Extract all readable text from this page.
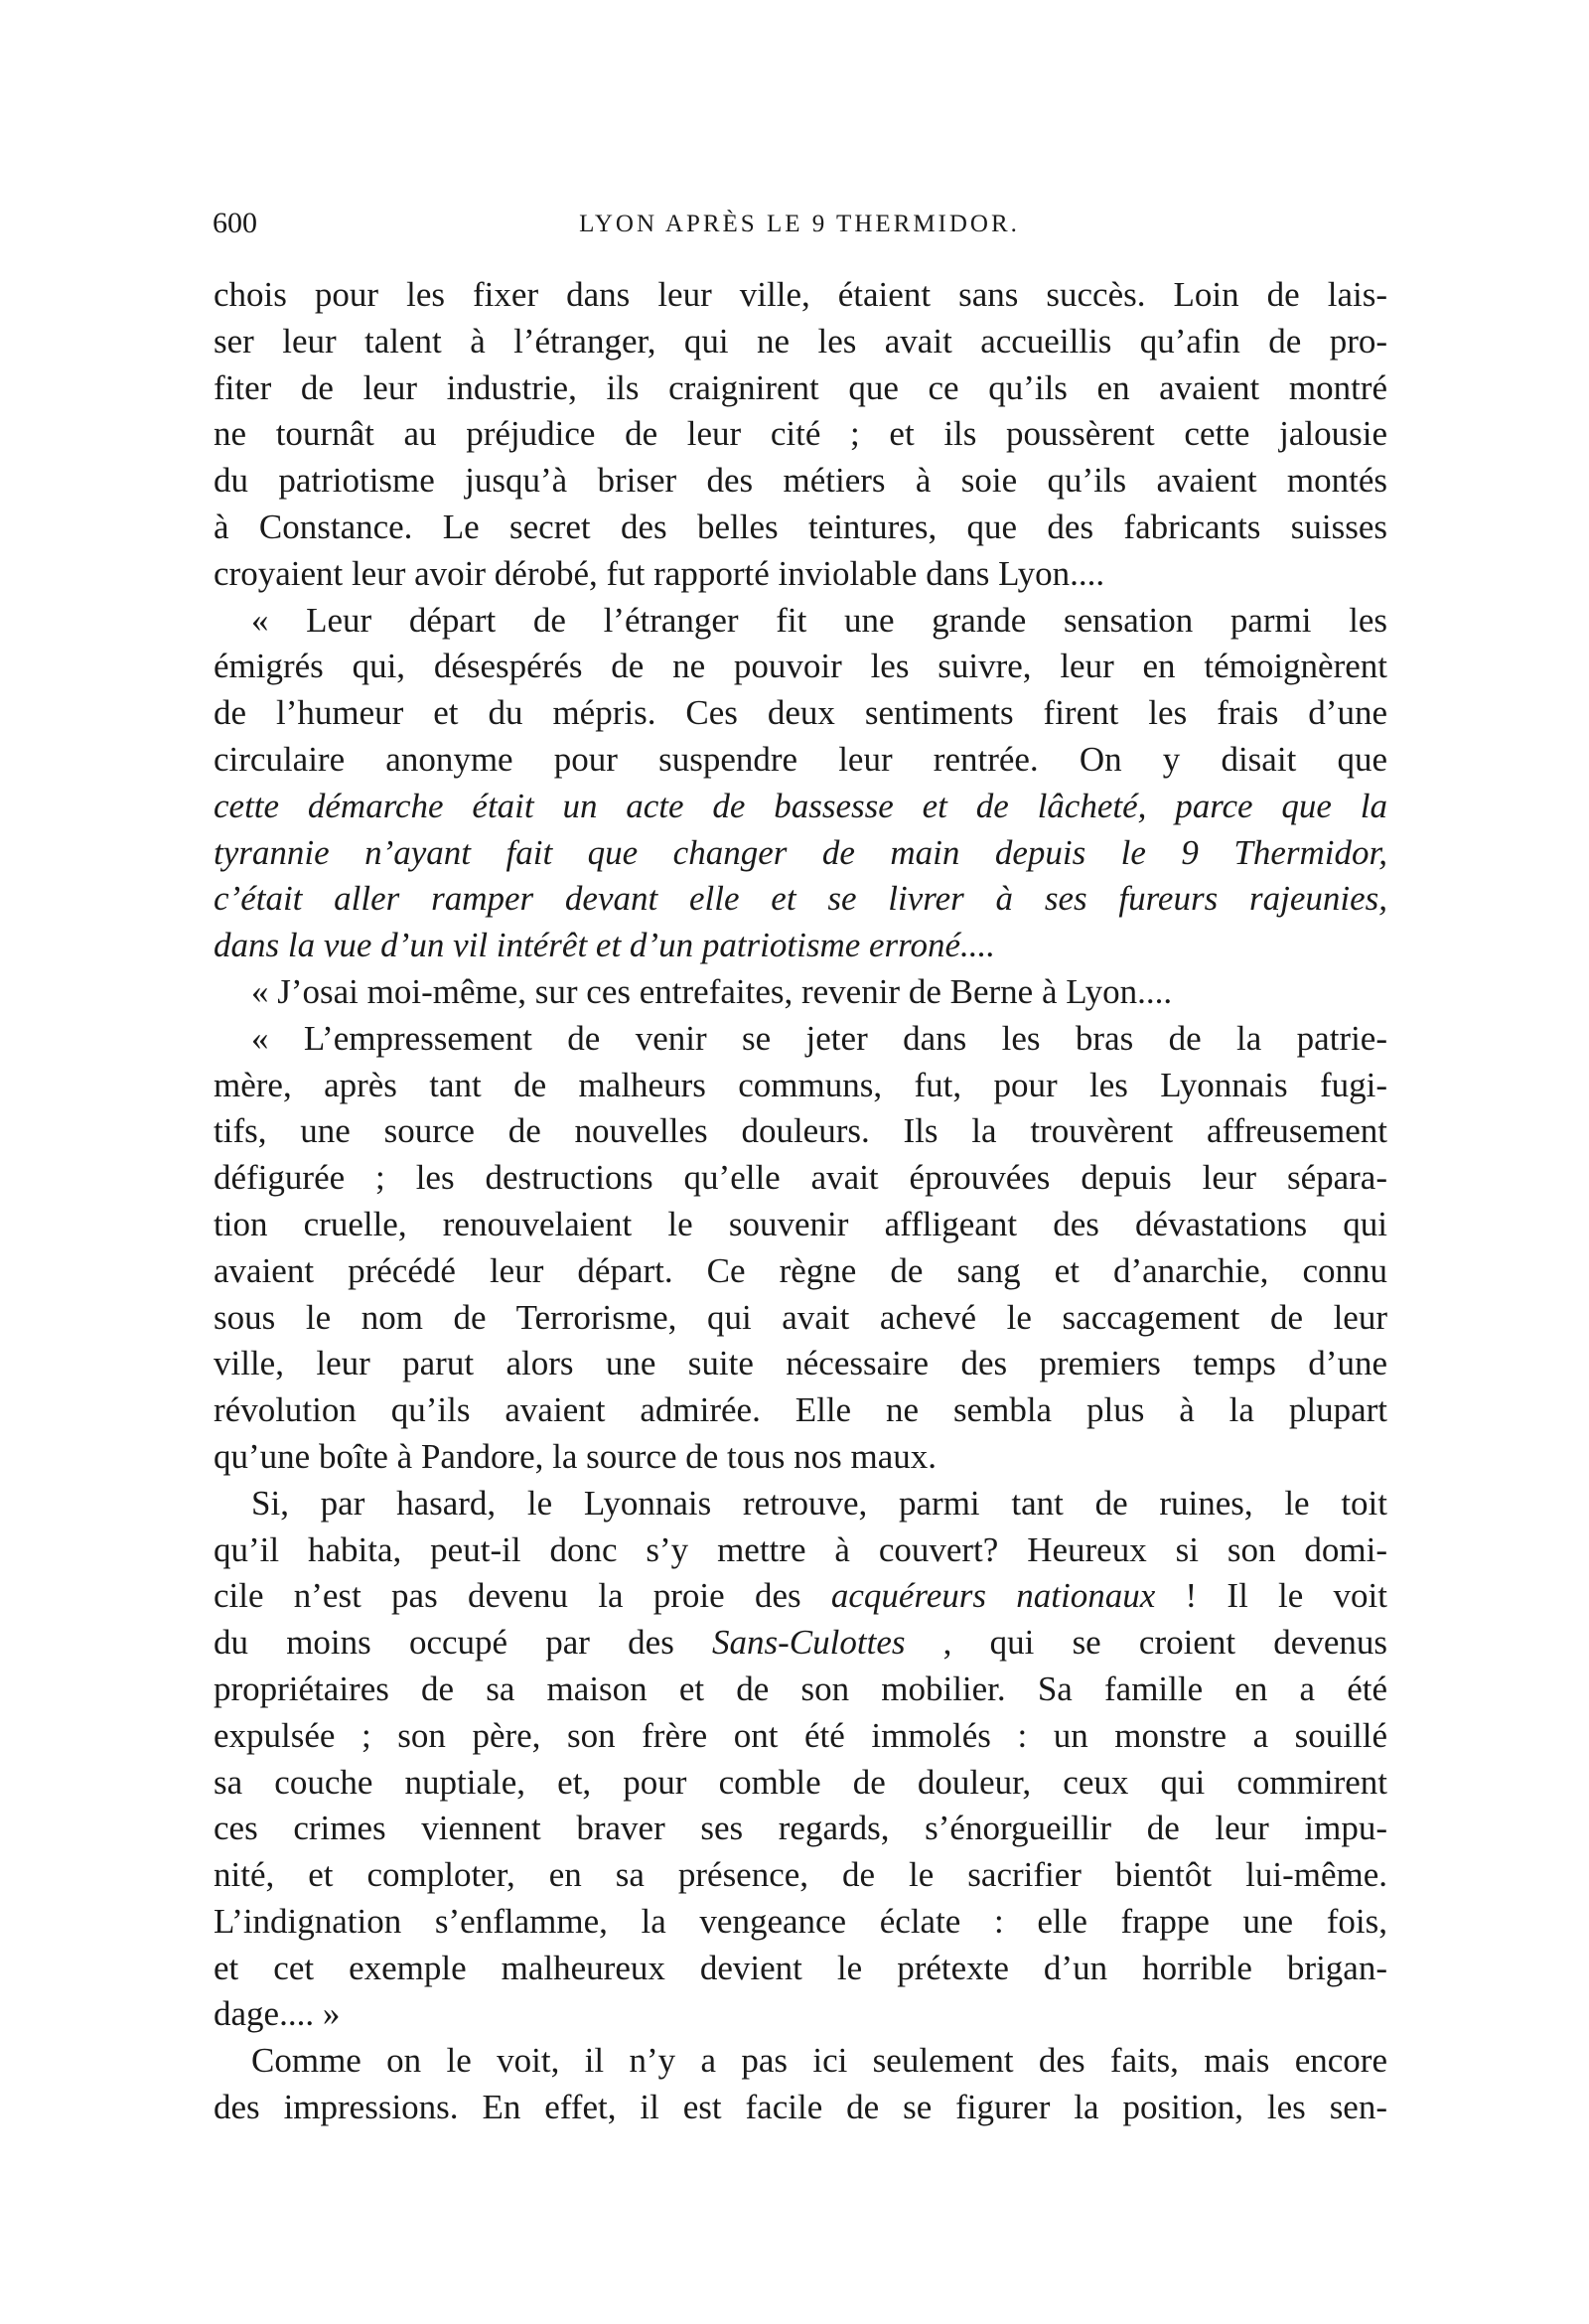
600	LYON APRÈS LE 9 THERMIDOR.
chois pour les fixer dans leur ville, étaient sans succès. Loin de lais-
ser leur talent à l’étranger, qui ne les avait accueillis qu’afin de pro-
fiter de leur industrie, ils craignirent que ce qu’ils en avaient montré
ne tournât au préjudice de leur cité ; et ils poussèrent cette jalousie
du patriotisme jusqu’à briser des métiers à soie qu’ils avaient montés
à Constance. Le secret des belles teintures, que des fabricants suisses
croyaient leur avoir dérobé, fut rapporté inviolable dans Lyon....
« Leur départ de l’étranger fit une grande sensation parmi les
émigrés qui, désespérés de ne pouvoir les suivre, leur en témoignèrent
de l’humeur et du mépris. Ces deux sentiments firent les frais d’une
circulaire anonyme pour suspendre leur rentrée. On y disait que
cette démarche était un acte de bassesse et de lâcheté, parce que la
tyrannie n’ayant fait que changer de main depuis le 9 Thermidor,
c’était aller ramper devant elle et se livrer à ses fureurs rajeunies,
dans la vue d’un vil intérêt et d’un patriotisme erroné....
« J’osai moi-même, sur ces entrefaites, revenir de Berne à Lyon....
« L’empressement de venir se jeter dans les bras de la patrie-
mère, après tant de malheurs communs, fut, pour les Lyonnais fugi-
tifs, une source de nouvelles douleurs. Ils la trouvèrent affreusement
défigurée ; les destructions qu’elle avait éprouvées depuis leur sépara-
tion cruelle, renouvelaient le souvenir affligeant des dévastations qui
avaient précédé leur départ. Ce règne de sang et d’anarchie, connu
sous le nom de Terrorisme, qui avait achevé le saccagement de leur
ville, leur parut alors une suite nécessaire des premiers temps d’une
révolution qu’ils avaient admirée. Elle ne sembla plus à la plupart
qu’une boîte à Pandore, la source de tous nos maux.
Si, par hasard, le Lyonnais retrouve, parmi tant de ruines, le toit
qu’il habita, peut-il donc s’y mettre à couvert? Heureux si son domi-
cile n’est pas devenu la proie des acquéreurs nationaux ! Il le voit
du moins occupé par des Sans-Culottes , qui se croient devenus
propriétaires de sa maison et de son mobilier. Sa famille en a été
expulsée ; son père, son frère ont été immolés : un monstre a souillé
sa couche nuptiale, et, pour comble de douleur, ceux qui commirent
ces crimes viennent braver ses regards, s’énorgueillir de leur impu-
nité, et comploter, en sa présence, de le sacrifier bientôt lui-même.
L’indignation s’enflamme, la vengeance éclate : elle frappe une fois,
et cet exemple malheureux devient le prétexte d’un horrible brigan-
dage.... »
Comme on le voit, il n’y a pas ici seulement des faits, mais encore
des impressions. En effet, il est facile de se figurer la position, les sen-
